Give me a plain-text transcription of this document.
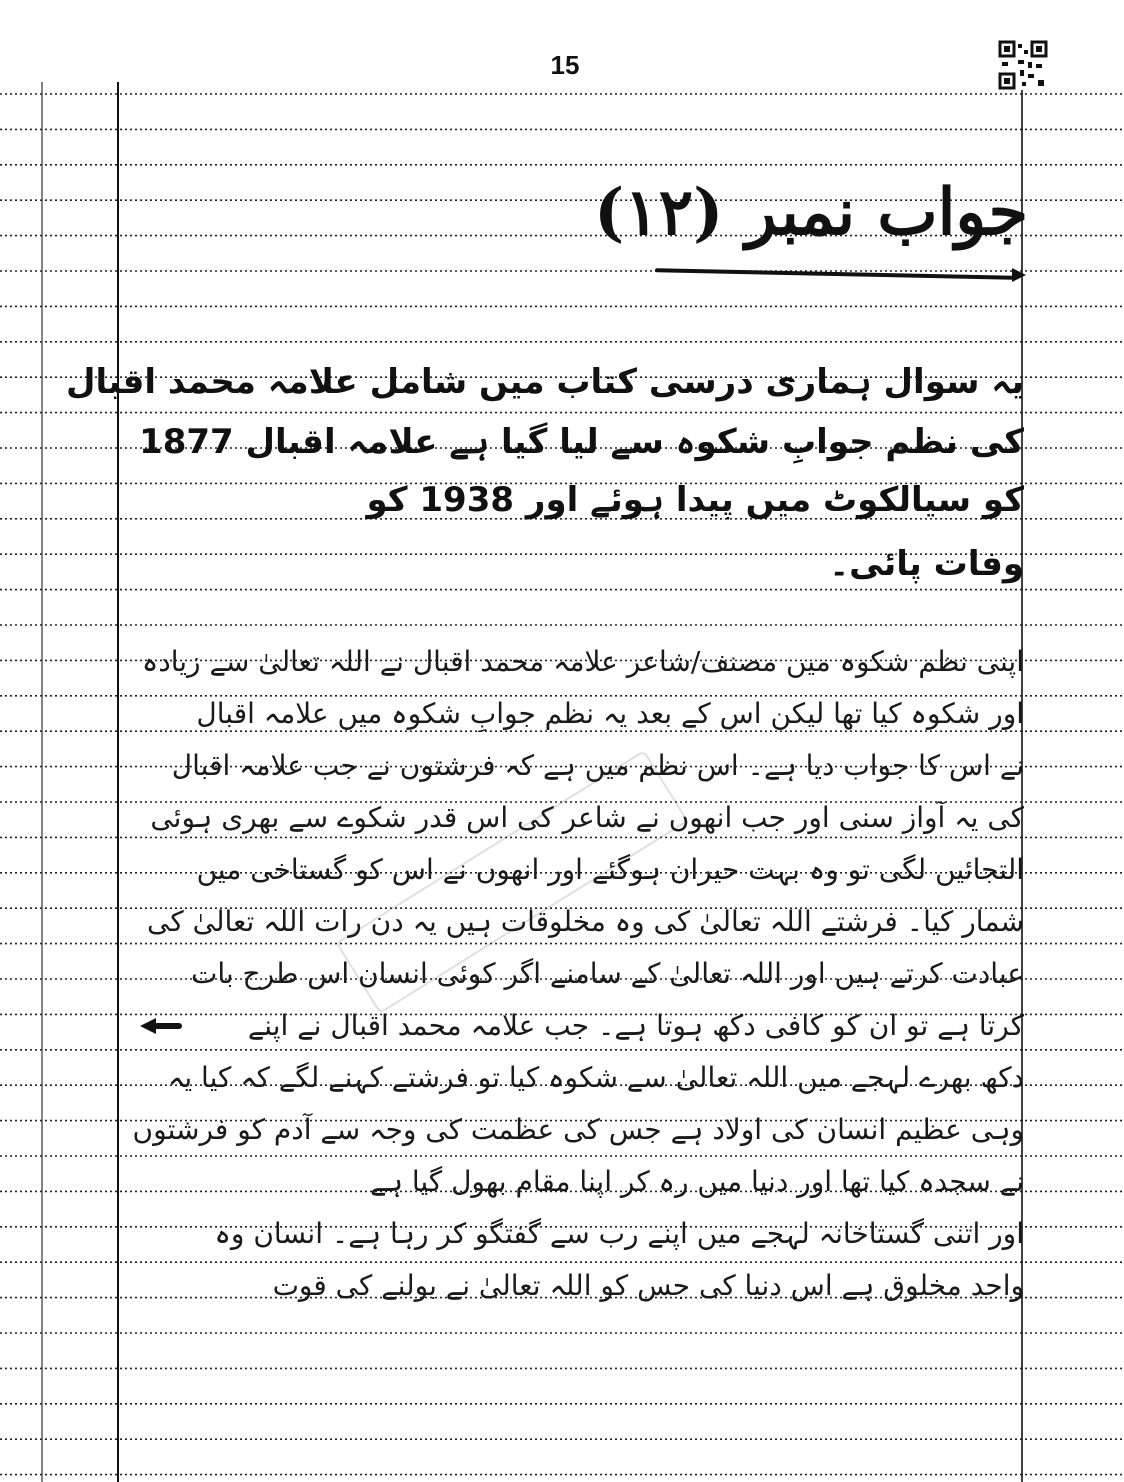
15
جواب نمبر (۱۲)
یہ سوال ہماری درسی کتاب میں شامل علامہ محمد اقبال
کی نظم جوابِ شکوہ سے لیا گیا ہے علامہ اقبال 1877
کو سیالکوٹ میں پیدا ہوئے اور 1938 کو
وفات پائی۔
اپنی نظم شکوہ میں مصنف/شاعر علامہ محمد اقبال نے اللہ تعالیٰ سے زیادہ
اور شکوہ کیا تھا لیکن اس کے بعد یہ نظم جوابِ شکوہ میں علامہ اقبال
نے اس کا جواب دیا ہے۔ اس نظم میں ہے کہ فرشتوں نے جب علامہ اقبال
کی یہ آواز سنی اور جب انھوں نے شاعر کی اس قدر شکوے سے بھری ہوئی
التجائیں لگی تو وہ بہت حیران ہوگئے اور انھوں نے اس کو گستاخی میں
شمار کیا۔ فرشتے اللہ تعالیٰ کی وہ مخلوقات ہیں یہ دن رات اللہ تعالیٰ کی
عبادت کرتے ہیں اور اللہ تعالیٰ کے سامنے اگر کوئی انسان اس طرح بات
کرتا ہے تو ان کو کافی دکھ ہوتا ہے۔ جب علامہ محمد اقبال نے اپنے
دکھ بھرے لہجے میں اللہ تعالیٰ سے شکوہ کیا تو فرشتے کہنے لگے کہ کیا یہ
وہی عظیم انسان کی اولاد ہے جس کی عظمت کی وجہ سے آدم کو فرشتوں
نے سجدہ کیا تھا اور دنیا میں رہ کر اپنا مقام بھول گیا ہے
اور اتنی گستاخانہ لہجے میں اپنے رب سے گفتگو کر رہا ہے۔ انسان وہ
واحد مخلوق ہے اس دنیا کی جس کو اللہ تعالیٰ نے بولنے کی قوت
